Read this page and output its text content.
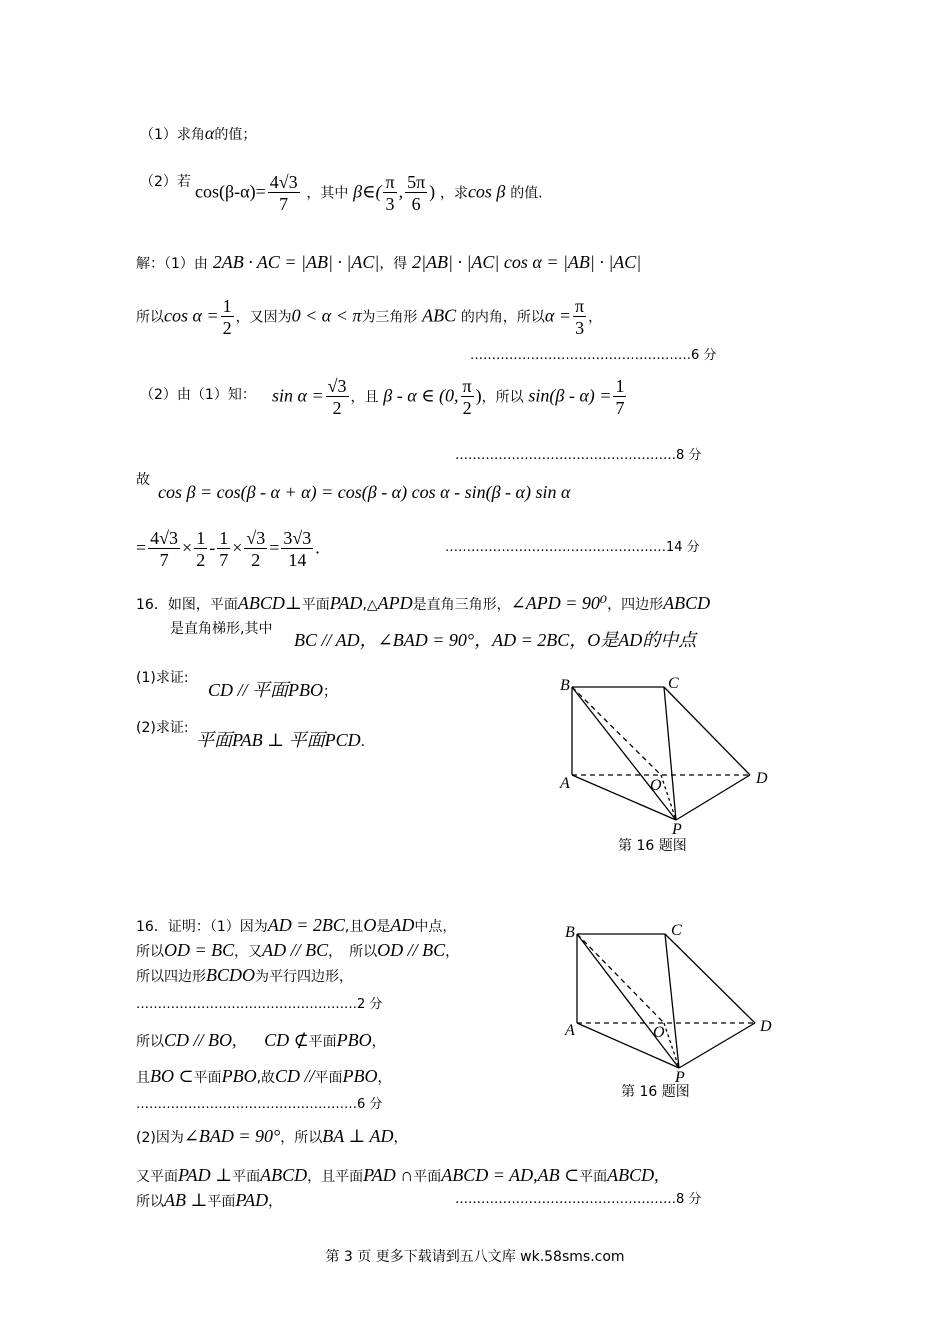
（1）求角α的值；
（2）若 $\cos(\beta-\alpha)= \frac{4√3}{7}$ ，其中 β∈( $\frac{\pi}{3}$ , $\frac{5\pi}{6}$ ) ，求cos β 的值.
解：（1）由 2AB · AC = |AB| · |AC|，得 2|AB| · |AC| cos α = |AB| · |AC|
所以$\cos \alpha = \frac{1}{2}$ ，又因为0 < α < π为三角形 ABC 的内角，所以$\alpha = \frac{\pi}{3}$ ，
……………………………………………6 分
（2）由（1）知： $\sin \alpha = \frac{√3}{2}$ ，且 β - α ∈ (0, $\frac{\pi}{2}$ )，所以 $\sin(\beta - \alpha) = \frac{1}{7}$
……………………………………………8 分
故
cos β = cos(β - α + α) = cos(β - α) cos α - sin(β - α) sin α
= $\frac{4√3}{7} \times \frac{1}{2} - \frac{1}{7} \times \frac{√3}{2} = \frac{3√3}{14}$ .	……………………………………………14 分
16．如图，平面ABCD⊥平面PAD,△APD是直角三角形，∠APD = 90⁰，四边形ABCD
是直角梯形,其中
BC // AD，∠BAD = 90°，AD = 2BC，O是AD的中点
(1)求证:
CD // 平面PBO；
(2)求证:
平面PAB ⊥ 平面PCD.
B	C
A	O	D
P
第 16 题图
16．证明：（1）因为AD = 2BC,且O是AD中点，
所以OD = BC，又AD // BC，　所以OD // BC，
所以四边形BCDO为平行四边形，
……………………………………………2 分
所以CD // BO, CD ⊄平面PBO，
且BO ⊂平面PBO,故CD //平面PBO，
……………………………………………6 分
(2)因为∠BAD = 90°，所以BA ⊥ AD，
又平面PAD ⊥平面ABCD，且平面PAD ∩平面ABCD = AD,AB ⊂平面ABCD,
所以AB ⊥平面PAD，	……………………………………………8 分
B	C
A	O	D
P
第 16 题图
第 3 页 更多下载请到五八文库 wk.58sms.com
